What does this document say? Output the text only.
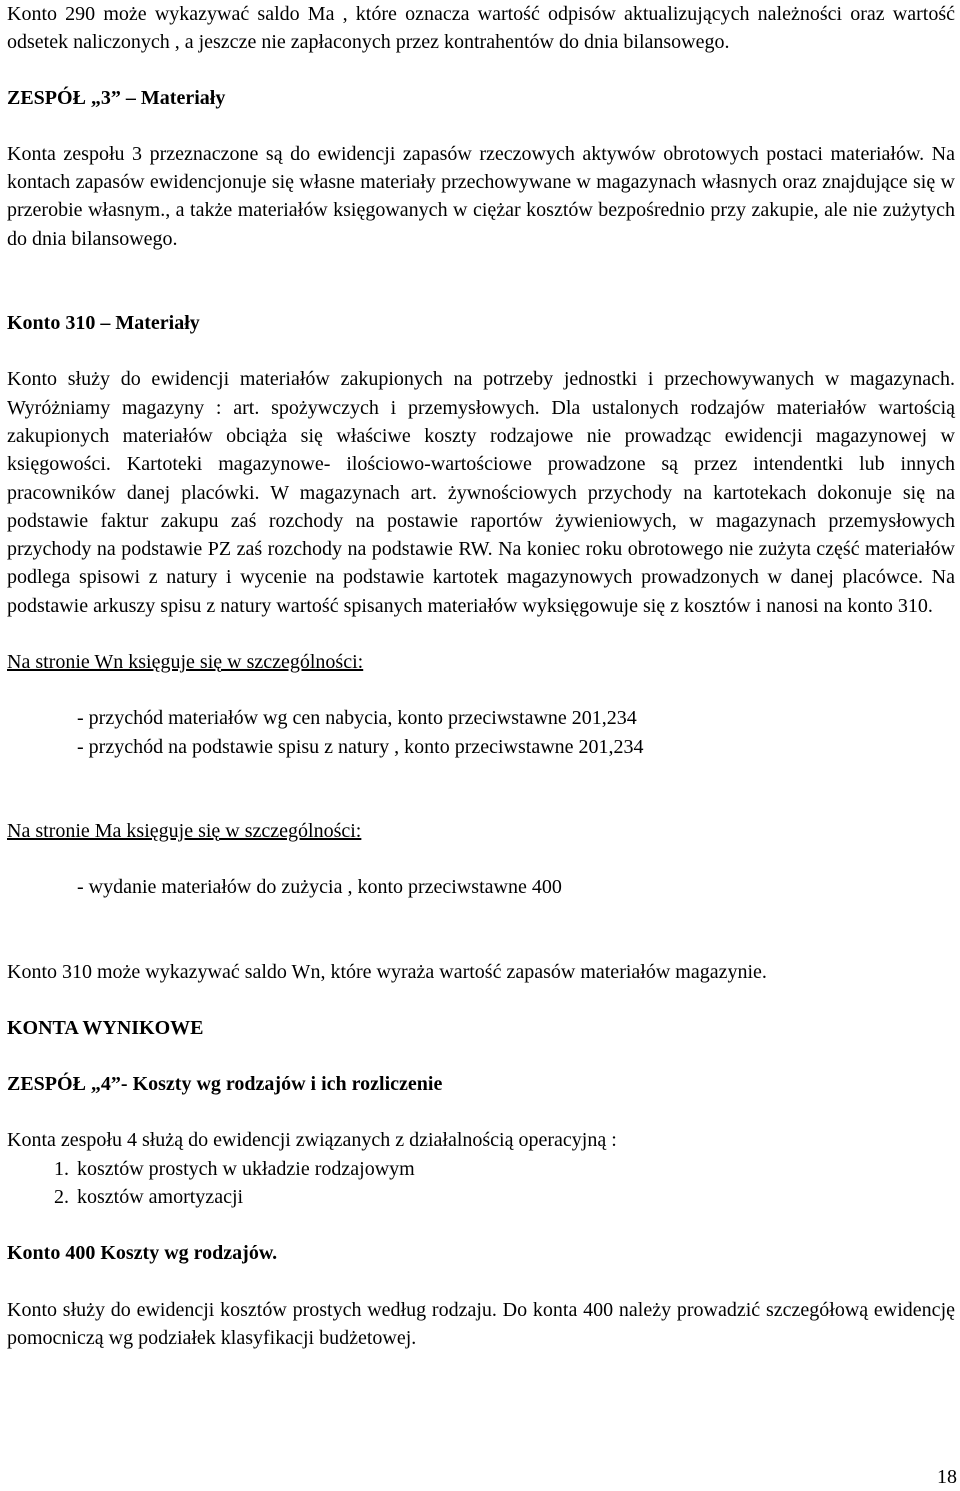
Konto 290 może wykazywać saldo Ma , które oznacza wartość odpisów aktualizujących należności oraz wartość odsetek naliczonych , a jeszcze nie zapłaconych przez kontrahentów do dnia bilansowego.

ZESPÓŁ „3” – Materiały

Konta zespołu 3 przeznaczone są do ewidencji zapasów rzeczowych aktywów obrotowych postaci materiałów. Na kontach zapasów ewidencjonuje się własne materiały przechowywane w magazynach własnych oraz znajdujące się w przerobie własnym., a także materiałów księgowanych w ciężar kosztów bezpośrednio przy zakupie, ale nie zużytych do dnia bilansowego.

Konto 310 – Materiały

Konto służy do ewidencji materiałów zakupionych na potrzeby jednostki i przechowywanych w magazynach. Wyróżniamy magazyny : art. spożywczych i przemysłowych. Dla ustalonych rodzajów materiałów wartością zakupionych materiałów obciąża się właściwe koszty rodzajowe nie prowadząc ewidencji magazynowej w księgowości. Kartoteki magazynowe- ilościowo-wartościowe prowadzone są przez intendentki lub innych pracowników danej placówki. W magazynach art. żywnościowych przychody na kartotekach dokonuje się na podstawie faktur zakupu zaś rozchody na postawie raportów żywieniowych, w magazynach przemysłowych przychody na podstawie PZ zaś rozchody na podstawie RW. Na koniec roku obrotowego nie zużyta część materiałów podlega spisowi z natury i wycenie na podstawie kartotek magazynowych prowadzonych w danej placówce. Na podstawie arkuszy spisu z natury wartość spisanych materiałów wyksięgowuje się z kosztów i nanosi na konto 310.

Na stronie Wn księguje się w szczególności:

- przychód materiałów wg cen nabycia, konto przeciwstawne 201,234

- przychód na podstawie spisu z natury , konto przeciwstawne 201,234

Na stronie Ma księguje się w szczególności:

- wydanie materiałów do zużycia , konto przeciwstawne 400

Konto 310 może wykazywać saldo Wn, które wyraża wartość zapasów materiałów magazynie.

KONTA WYNIKOWE

ZESPÓŁ „4”- Koszty wg rodzajów i ich rozliczenie

Konta zespołu 4 służą do ewidencji związanych z działalnością operacyjną :

1. kosztów prostych w układzie rodzajowym
2. kosztów amortyzacji

Konto 400 Koszty wg rodzajów.

Konto służy do ewidencji kosztów prostych według rodzaju. Do konta 400 należy prowadzić szczegółową ewidencję pomocniczą wg podziałek klasyfikacji budżetowej.

18
